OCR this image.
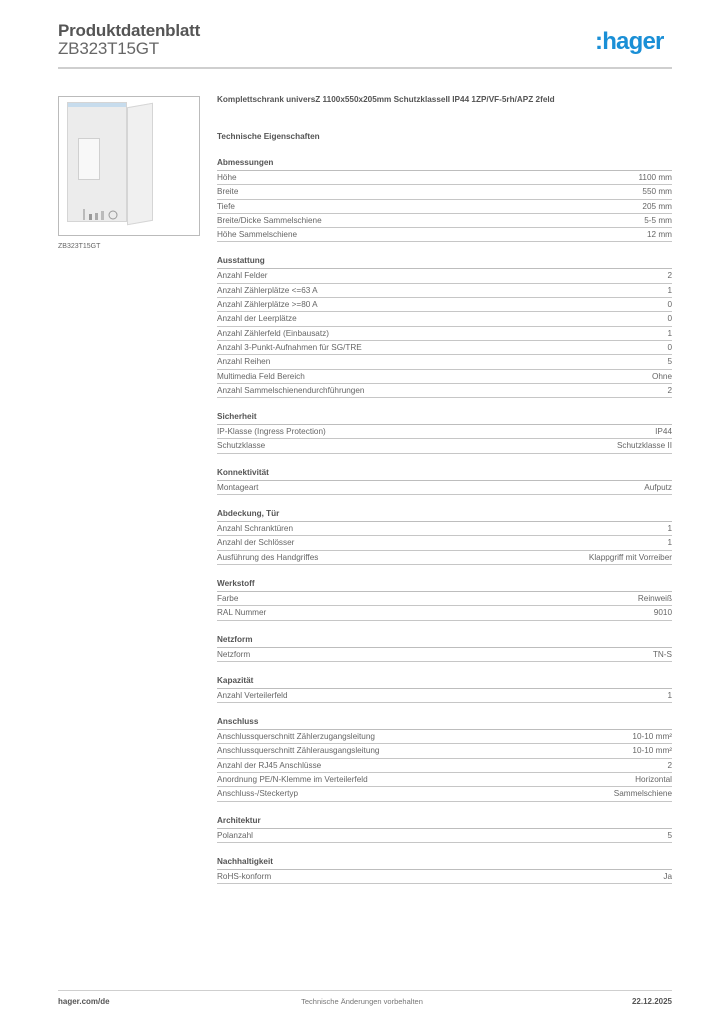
Produktdatenblatt
ZB323T15GT	:hager
ZB323T15GT
Komplettschrank universZ 1100x550x205mm SchutzklasseII IP44 1ZP/VF-5rh/APZ 2feld
Technische Eigenschaften
Abmessungen
Höhe	1100 mm
Breite	550 mm
Tiefe	205 mm
Breite/Dicke Sammelschiene	5-5 mm
Höhe Sammelschiene	12 mm
Ausstattung
Anzahl Felder	2
Anzahl Zählerplätze <=63 A	1
Anzahl Zählerplätze >=80 A	0
Anzahl der Leerplätze	0
Anzahl Zählerfeld (Einbausatz)	1
Anzahl 3-Punkt-Aufnahmen für SG/TRE	0
Anzahl Reihen	5
Multimedia Feld Bereich	Ohne
Anzahl Sammelschienendurchführungen	2
Sicherheit
IP-Klasse (Ingress Protection)	IP44
Schutzklasse	Schutzklasse II
Konnektivität
Montageart	Aufputz
Abdeckung, Tür
Anzahl Schranktüren	1
Anzahl der Schlösser	1
Ausführung des Handgriffes	Klappgriff mit Vorreiber
Werkstoff
Farbe	Reinweiß
RAL Nummer	9010
Netzform
Netzform	TN-S
Kapazität
Anzahl Verteilerfeld	1
Anschluss
Anschlussquerschnitt Zählerzugangsleitung	10-10 mm²
Anschlussquerschnitt Zählerausgangsleitung	10-10 mm²
Anzahl der RJ45 Anschlüsse	2
Anordnung PE/N-Klemme im Verteilerfeld	Horizontal
Anschluss-/Steckertyp	Sammelschiene
Architektur
Polanzahl	5
Nachhaltigkeit
RoHS-konform	Ja
hager.com/de	Technische Änderungen vorbehalten	22.12.2025
